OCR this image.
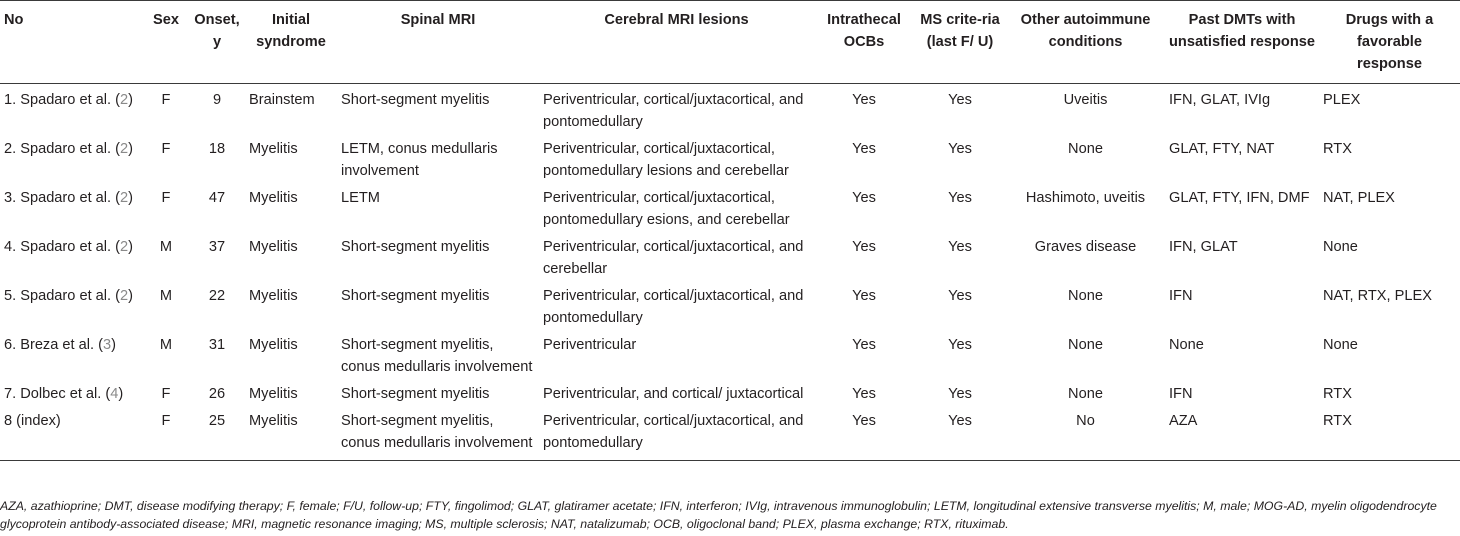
No	Sex	Onset, y	Initial syndrome	Spinal MRI	Cerebral MRI lesions	Intrathecal OCBs	MS crite-ria (last F/ U)	Other autoimmune conditions	Past DMTs with unsatisfied response	Drugs with a favorable response
1. Spadaro et al. (2)	F	9	Brainstem	Short-segment myelitis	Periventricular, cortical/juxtacortical, and pontomedullary	Yes	Yes	Uveitis	IFN, GLAT, IVIg	PLEX
2. Spadaro et al. (2)	F	18	Myelitis	LETM, conus medullaris involvement	Periventricular, cortical/juxtacortical, pontomedullary lesions and cerebellar	Yes	Yes	None	GLAT, FTY, NAT	RTX
3. Spadaro et al. (2)	F	47	Myelitis	LETM	Periventricular, cortical/juxtacortical, pontomedullary esions, and cerebellar	Yes	Yes	Hashimoto, uveitis	GLAT, FTY, IFN, DMF	NAT, PLEX
4. Spadaro et al. (2)	M	37	Myelitis	Short-segment myelitis	Periventricular, cortical/juxtacortical, and cerebellar	Yes	Yes	Graves disease	IFN, GLAT	None
5. Spadaro et al. (2)	M	22	Myelitis	Short-segment myelitis	Periventricular, cortical/juxtacortical, and pontomedullary	Yes	Yes	None	IFN	NAT, RTX, PLEX
6. Breza et al. (3)	M	31	Myelitis	Short-segment myelitis, conus medullaris involvement	Periventricular	Yes	Yes	None	None	None
7. Dolbec et al. (4)	F	26	Myelitis	Short-segment myelitis	Periventricular, and cortical/ juxtacortical	Yes	Yes	None	IFN	RTX
8 (index)	F	25	Myelitis	Short-segment myelitis, conus medullaris involvement	Periventricular, cortical/juxtacortical, and pontomedullary	Yes	Yes	No	AZA	RTX
AZA, azathioprine; DMT, disease modifying therapy; F, female; F/U, follow-up; FTY, fingolimod; GLAT, glatiramer acetate; IFN, interferon; IVIg, intravenous immunoglobulin; LETM, longitudinal extensive transverse myelitis; M, male; MOG-AD, myelin oligodendrocyte glycoprotein antibody-associated disease; MRI, magnetic resonance imaging; MS, multiple sclerosis; NAT, natalizumab; OCB, oligoclonal band; PLEX, plasma exchange; RTX, rituximab.
